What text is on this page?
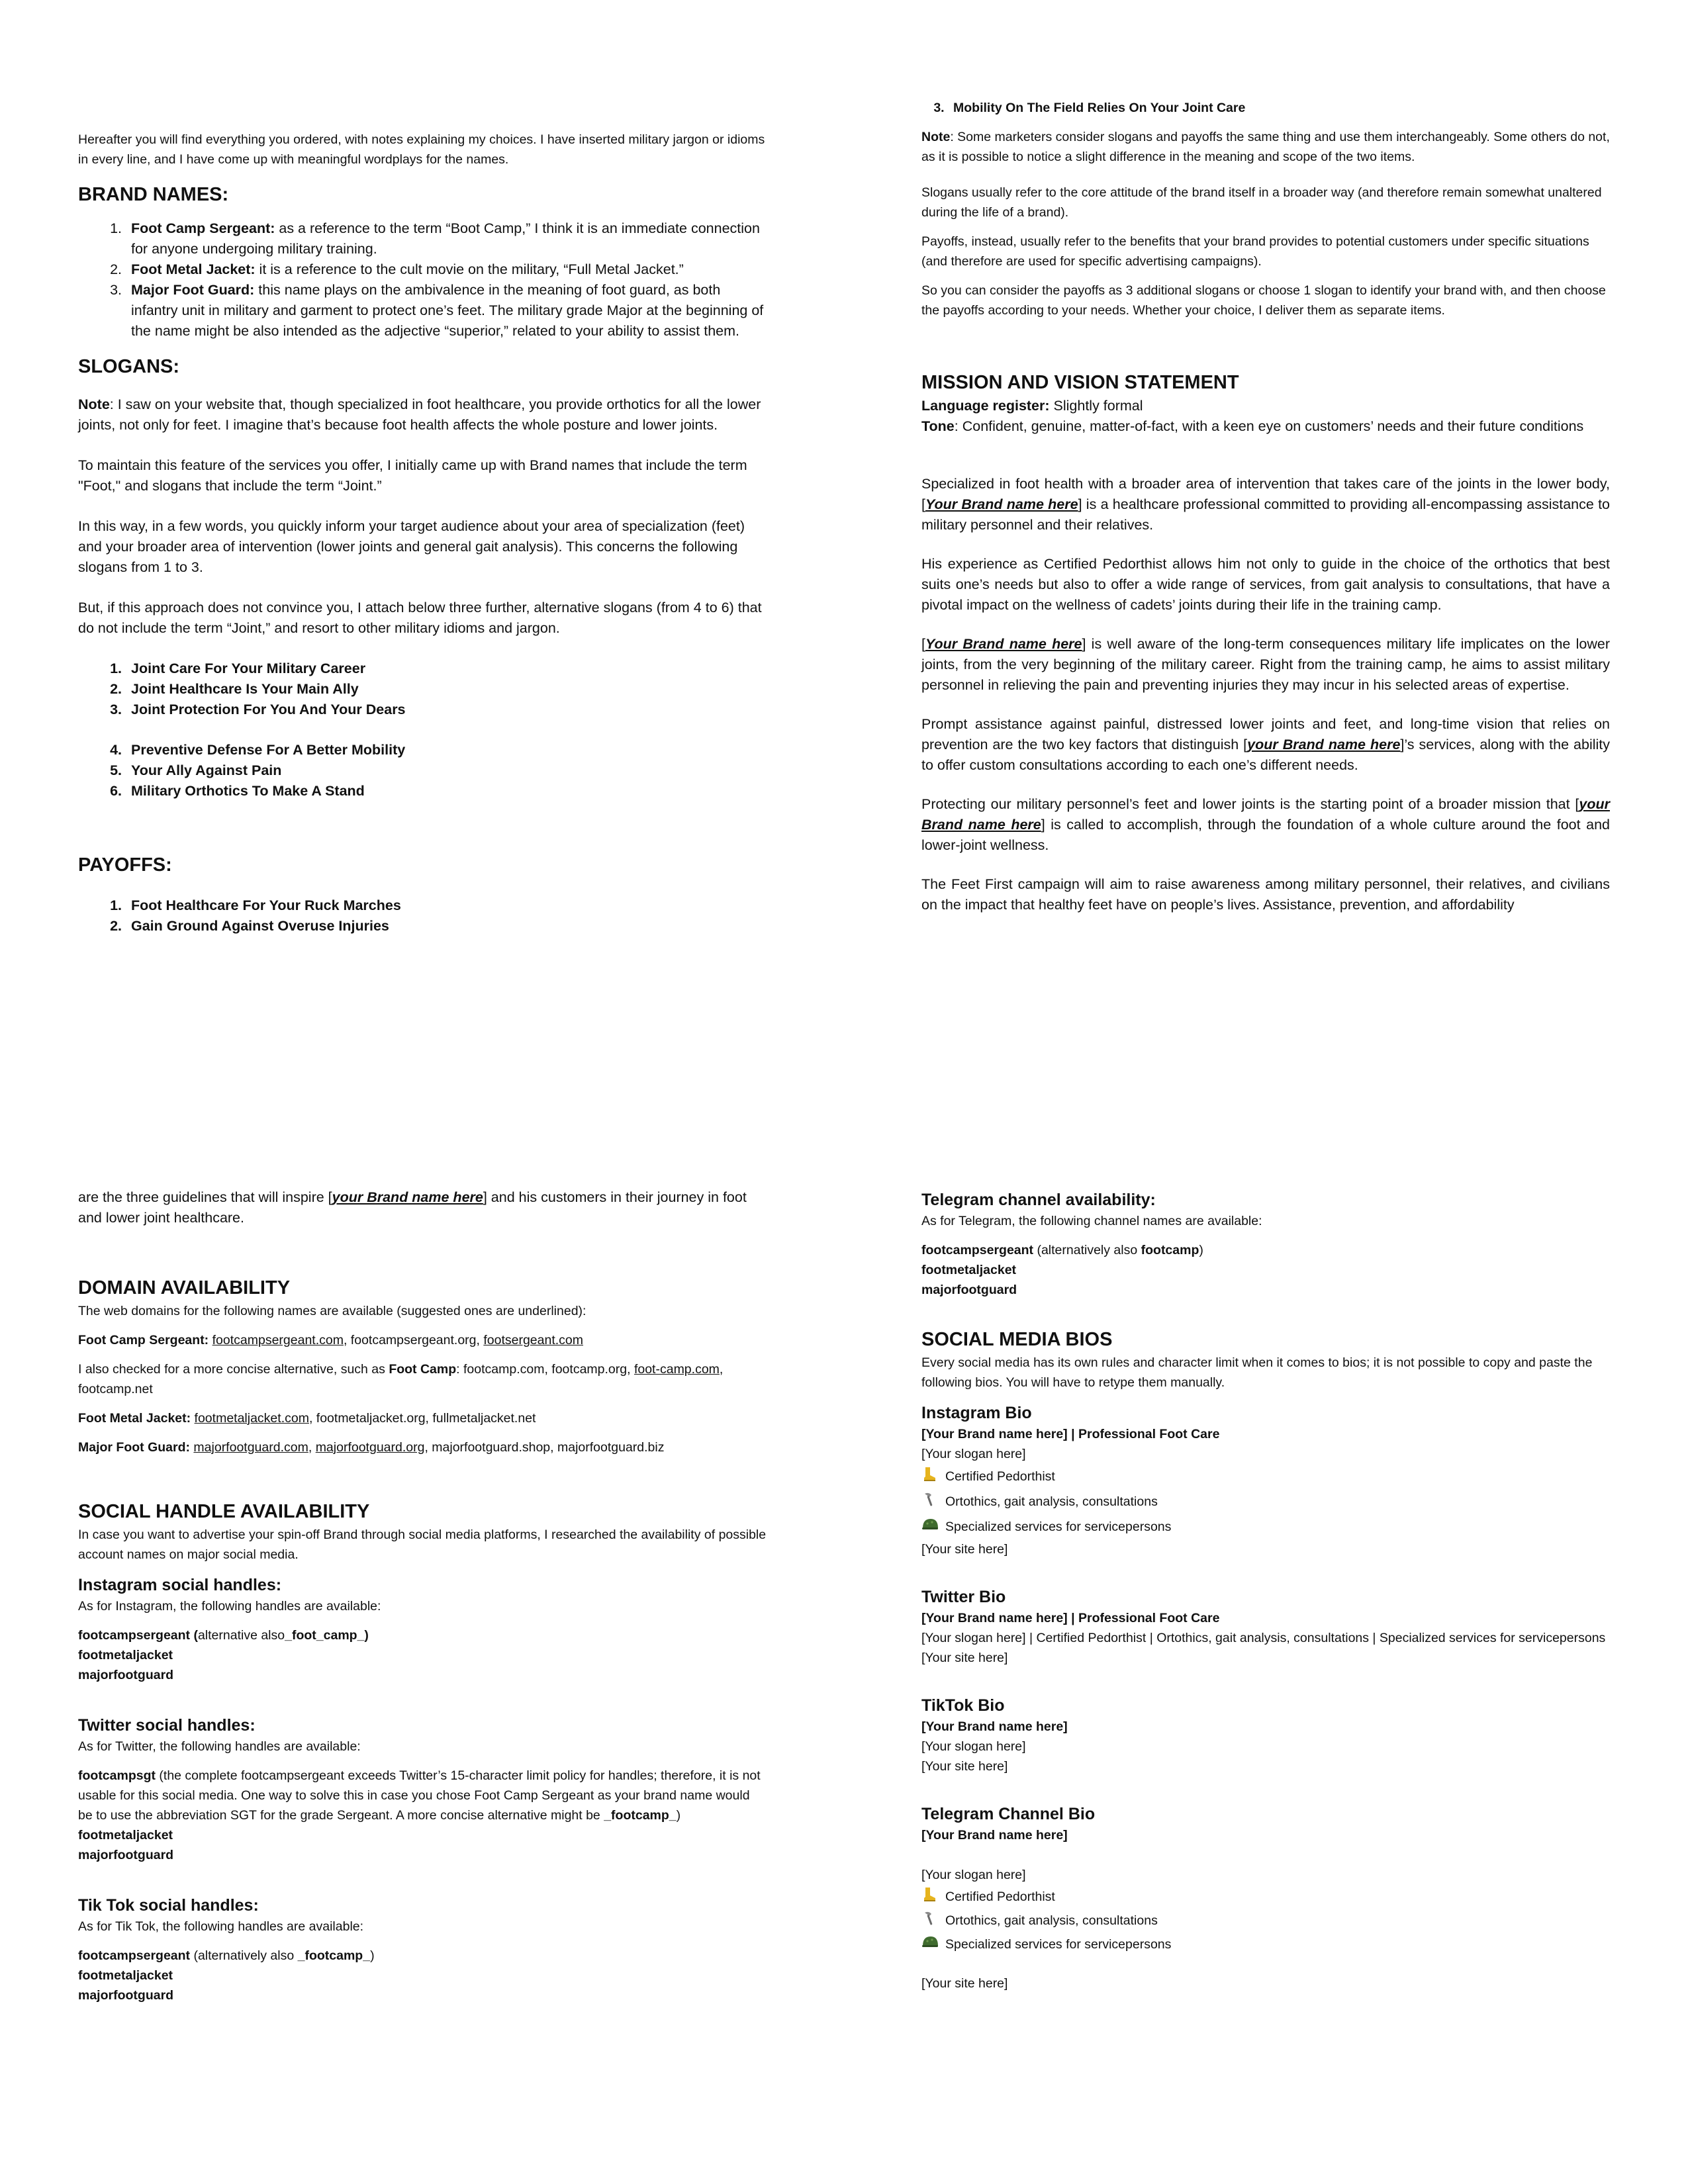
Hereafter you will find everything you ordered, with notes explaining my choices. I have inserted military jargon or idioms in every line, and I have come up with meaningful wordplays for the names.

BRAND NAMES:
1. Foot Camp Sergeant: as a reference to the term “Boot Camp,” I think it is an immediate connection for anyone undergoing military training.
2. Foot Metal Jacket: it is a reference to the cult movie on the military, “Full Metal Jacket.”
3. Major Foot Guard: this name plays on the ambivalence in the meaning of foot guard, as both infantry unit in military and garment to protect one’s feet. The military grade Major at the beginning of the name might be also intended as the adjective “superior,” related to your ability to assist them.
SLOGANS:

Note: I saw on your website that, though specialized in foot healthcare, you provide orthotics for all the lower joints, not only for feet. I imagine that’s because foot health affects the whole posture and lower joints.

To maintain this feature of the services you offer, I initially came up with Brand names that include the term "Foot," and slogans that include the term “Joint.”

In this way, in a few words, you quickly inform your target audience about your area of specialization (feet) and your broader area of intervention (lower joints and general gait analysis). This concerns the following slogans from 1 to 3.

But, if this approach does not convince you, I attach below three further, alternative slogans (from 4 to 6) that do not include the term “Joint,” and resort to other military idioms and jargon.

1. Joint Care For Your Military Career
2. Joint Healthcare Is Your Main Ally
3. Joint Protection For You And Your Dears
4. Preventive Defense For A Better Mobility
5. Your Ally Against Pain
6. Military Orthotics To Make A Stand
PAYOFFS:
1. Foot Healthcare For Your Ruck Marches
2. Gain Ground Against Overuse Injuries
3. Mobility On The Field Relies On Your Joint Care

Note: Some marketers consider slogans and payoffs the same thing and use them interchangeably. Some others do not, as it is possible to notice a slight difference in the meaning and scope of the two items.

Slogans usually refer to the core attitude of the brand itself in a broader way (and therefore remain somewhat unaltered during the life of a brand).

Payoffs, instead, usually refer to the benefits that your brand provides to potential customers under specific situations (and therefore are used for specific advertising campaigns).

So you can consider the payoffs as 3 additional slogans or choose 1 slogan to identify your brand with, and then choose the payoffs according to your needs. Whether your choice, I deliver them as separate items.

MISSION AND VISION STATEMENT

Language register: Slightly formal

Tone: Confident, genuine, matter-of-fact, with a keen eye on customers’ needs and their future conditions

Specialized in foot health with a broader area of intervention that takes care of the joints in the lower body, [Your Brand name here] is a healthcare professional committed to providing all-encompassing assistance to military personnel and their relatives.

His experience as Certified Pedorthist allows him not only to guide in the choice of the orthotics that best suits one’s needs but also to offer a wide range of services, from gait analysis to consultations, that have a pivotal impact on the wellness of cadets’ joints during their life in the training camp.

[Your Brand name here] is well aware of the long-term consequences military life implicates on the lower joints, from the very beginning of the military career. Right from the training camp, he aims to assist military personnel in relieving the pain and preventing injuries they may incur in his selected areas of expertise.

Prompt assistance against painful, distressed lower joints and feet, and long-time vision that relies on prevention are the two key factors that distinguish [your Brand name here]’s services, along with the ability to offer custom consultations according to each one’s different needs.

Protecting our military personnel’s feet and lower joints is the starting point of a broader mission that [your Brand name here] is called to accomplish, through the foundation of a whole culture around the foot and lower-joint wellness.

The Feet First campaign will aim to raise awareness among military personnel, their relatives, and civilians on the impact that healthy feet have on people’s lives. Assistance, prevention, and affordability

are the three guidelines that will inspire [your Brand name here] and his customers in their journey in foot and lower joint healthcare.

DOMAIN AVAILABILITY

The web domains for the following names are available (suggested ones are underlined):

Foot Camp Sergeant: footcampsergeant.com, footcampsergeant.org, footsergeant.com

I also checked for a more concise alternative, such as Foot Camp: footcamp.com, footcamp.org, foot-camp.com, footcamp.net

Foot Metal Jacket: footmetaljacket.com, footmetaljacket.org, fullmetaljacket.net

Major Foot Guard: majorfootguard.com, majorfootguard.org, majorfootguard.shop, majorfootguard.biz

SOCIAL HANDLE AVAILABILITY

In case you want to advertise your spin-off Brand through social media platforms, I researched the availability of possible account names on major social media.

Instagram social handles:

As for Instagram, the following handles are available:

footcampsergeant (alternative also_foot_camp_)
footmetaljacket
majorfootguard

Twitter social handles:

As for Twitter, the following handles are available:

footcampsgt (the complete footcampsergeant exceeds Twitter’s 15-character limit policy for handles; therefore, it is not usable for this social media. One way to solve this in case you chose Foot Camp Sergeant as your brand name would be to use the abbreviation SGT for the grade Sergeant. A more concise alternative might be _footcamp_)
footmetaljacket
majorfootguard

Tik Tok social handles:

As for Tik Tok, the following handles are available:

footcampsergeant (alternatively also _footcamp_)
footmetaljacket
majorfootguard

Telegram channel availability:

As for Telegram, the following channel names are available:

footcampsergeant (alternatively also footcamp)
footmetaljacket
majorfootguard

SOCIAL MEDIA BIOS

Every social media has its own rules and character limit when it comes to bios; it is not possible to copy and paste the following bios. You will have to retype them manually.

Instagram Bio
[Your Brand name here] | Professional Foot Care
[Your slogan here]
Certified Pedorthist
Ortothics, gait analysis, consultations
Specialized services for servicepersons
[Your site here]
Twitter Bio
[Your Brand name here] | Professional Foot Care
[Your slogan here] | Certified Pedorthist | Ortothics, gait analysis, consultations | Specialized services for servicepersons
[Your site here]
TikTok Bio
[Your Brand name here]
[Your slogan here]
[Your site here]
Telegram Channel Bio
[Your Brand name here]
[Your slogan here]
Certified Pedorthist
Ortothics, gait analysis, consultations
Specialized services for servicepersons
[Your site here]
